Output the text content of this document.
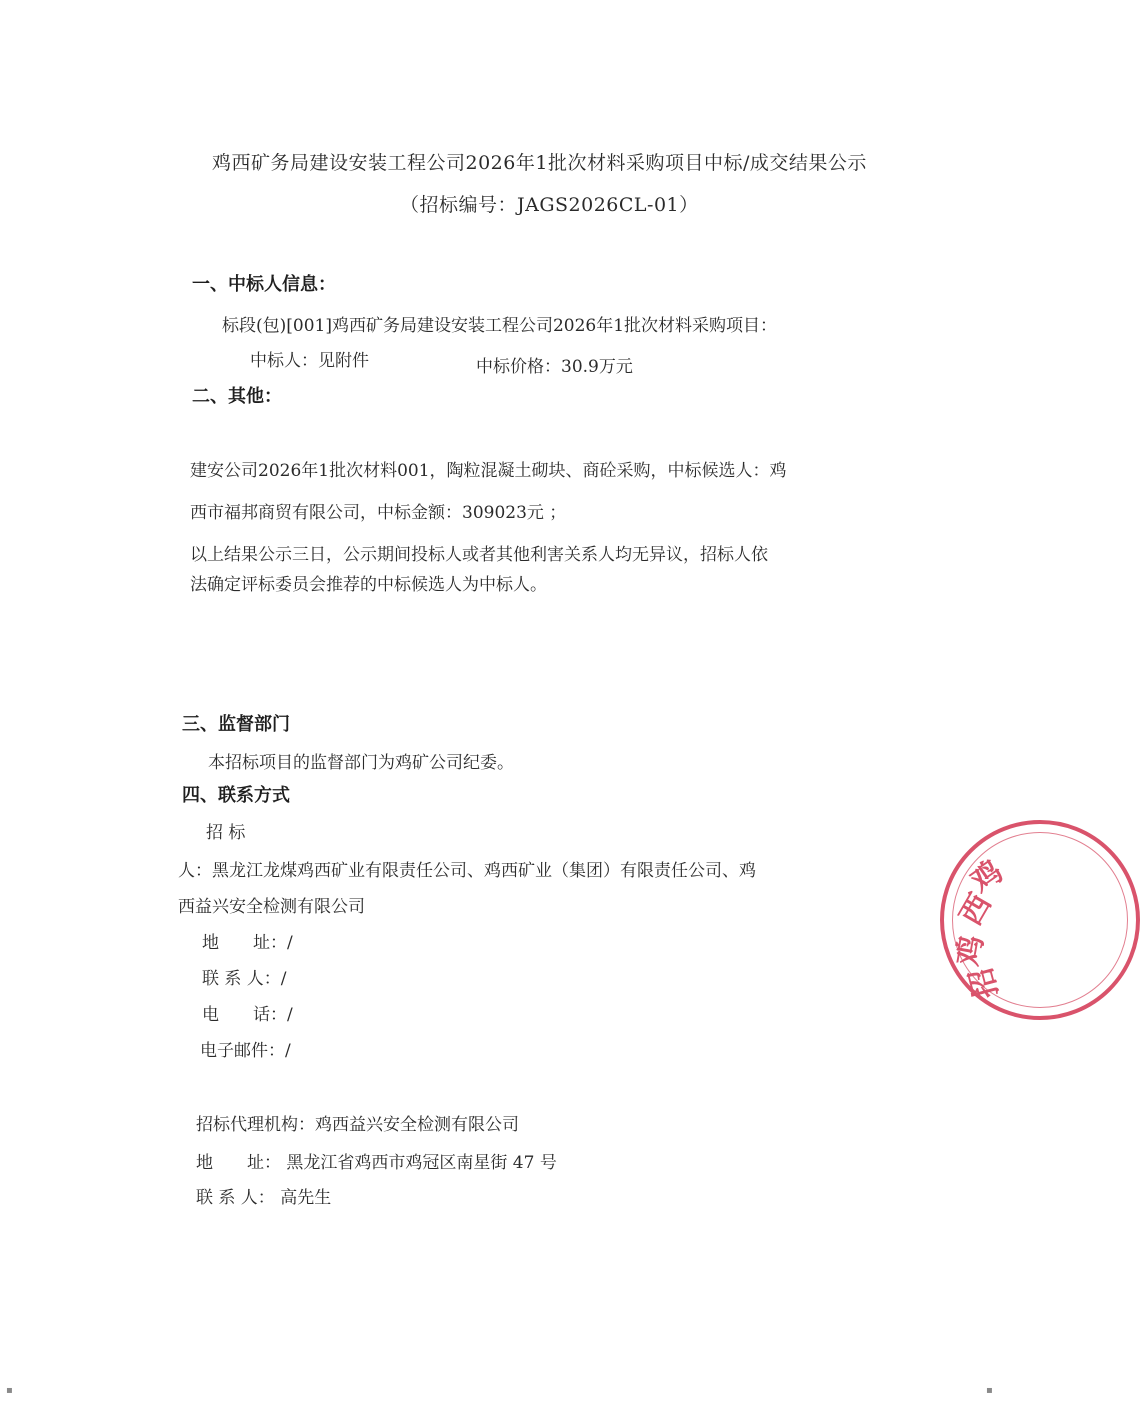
鸡西矿务局建设安装工程公司2026年1批次材料采购项目中标/成交结果公示
（招标编号：JAGS2026CL-01）
一、中标人信息：
标段(包)[001]鸡西矿务局建设安装工程公司2026年1批次材料采购项目：
中标人：见附件	中标价格：30.9万元
二、其他：
建安公司2026年1批次材料001，陶粒混凝土砌块、商砼采购，中标候选人：鸡
西市福邦商贸有限公司，中标金额：309023元 ；
以上结果公示三日，公示期间投标人或者其他利害关系人均无异议，招标人依
法确定评标委员会推荐的中标候选人为中标人。
三、监督部门
本招标项目的监督部门为鸡矿公司纪委。
四、联系方式
招 标
人：黑龙江龙煤鸡西矿业有限责任公司、鸡西矿业（集团）有限责任公司、鸡
西益兴安全检测有限公司
地　　址：/
联 系 人：/
电　　话：/
电子邮件：/
招标代理机构：鸡西益兴安全检测有限公司
地　　址： 黑龙江省鸡西市鸡冠区南星街 47 号
联 系 人： 高先生
西
鸡
鸡
招
▪	▪
